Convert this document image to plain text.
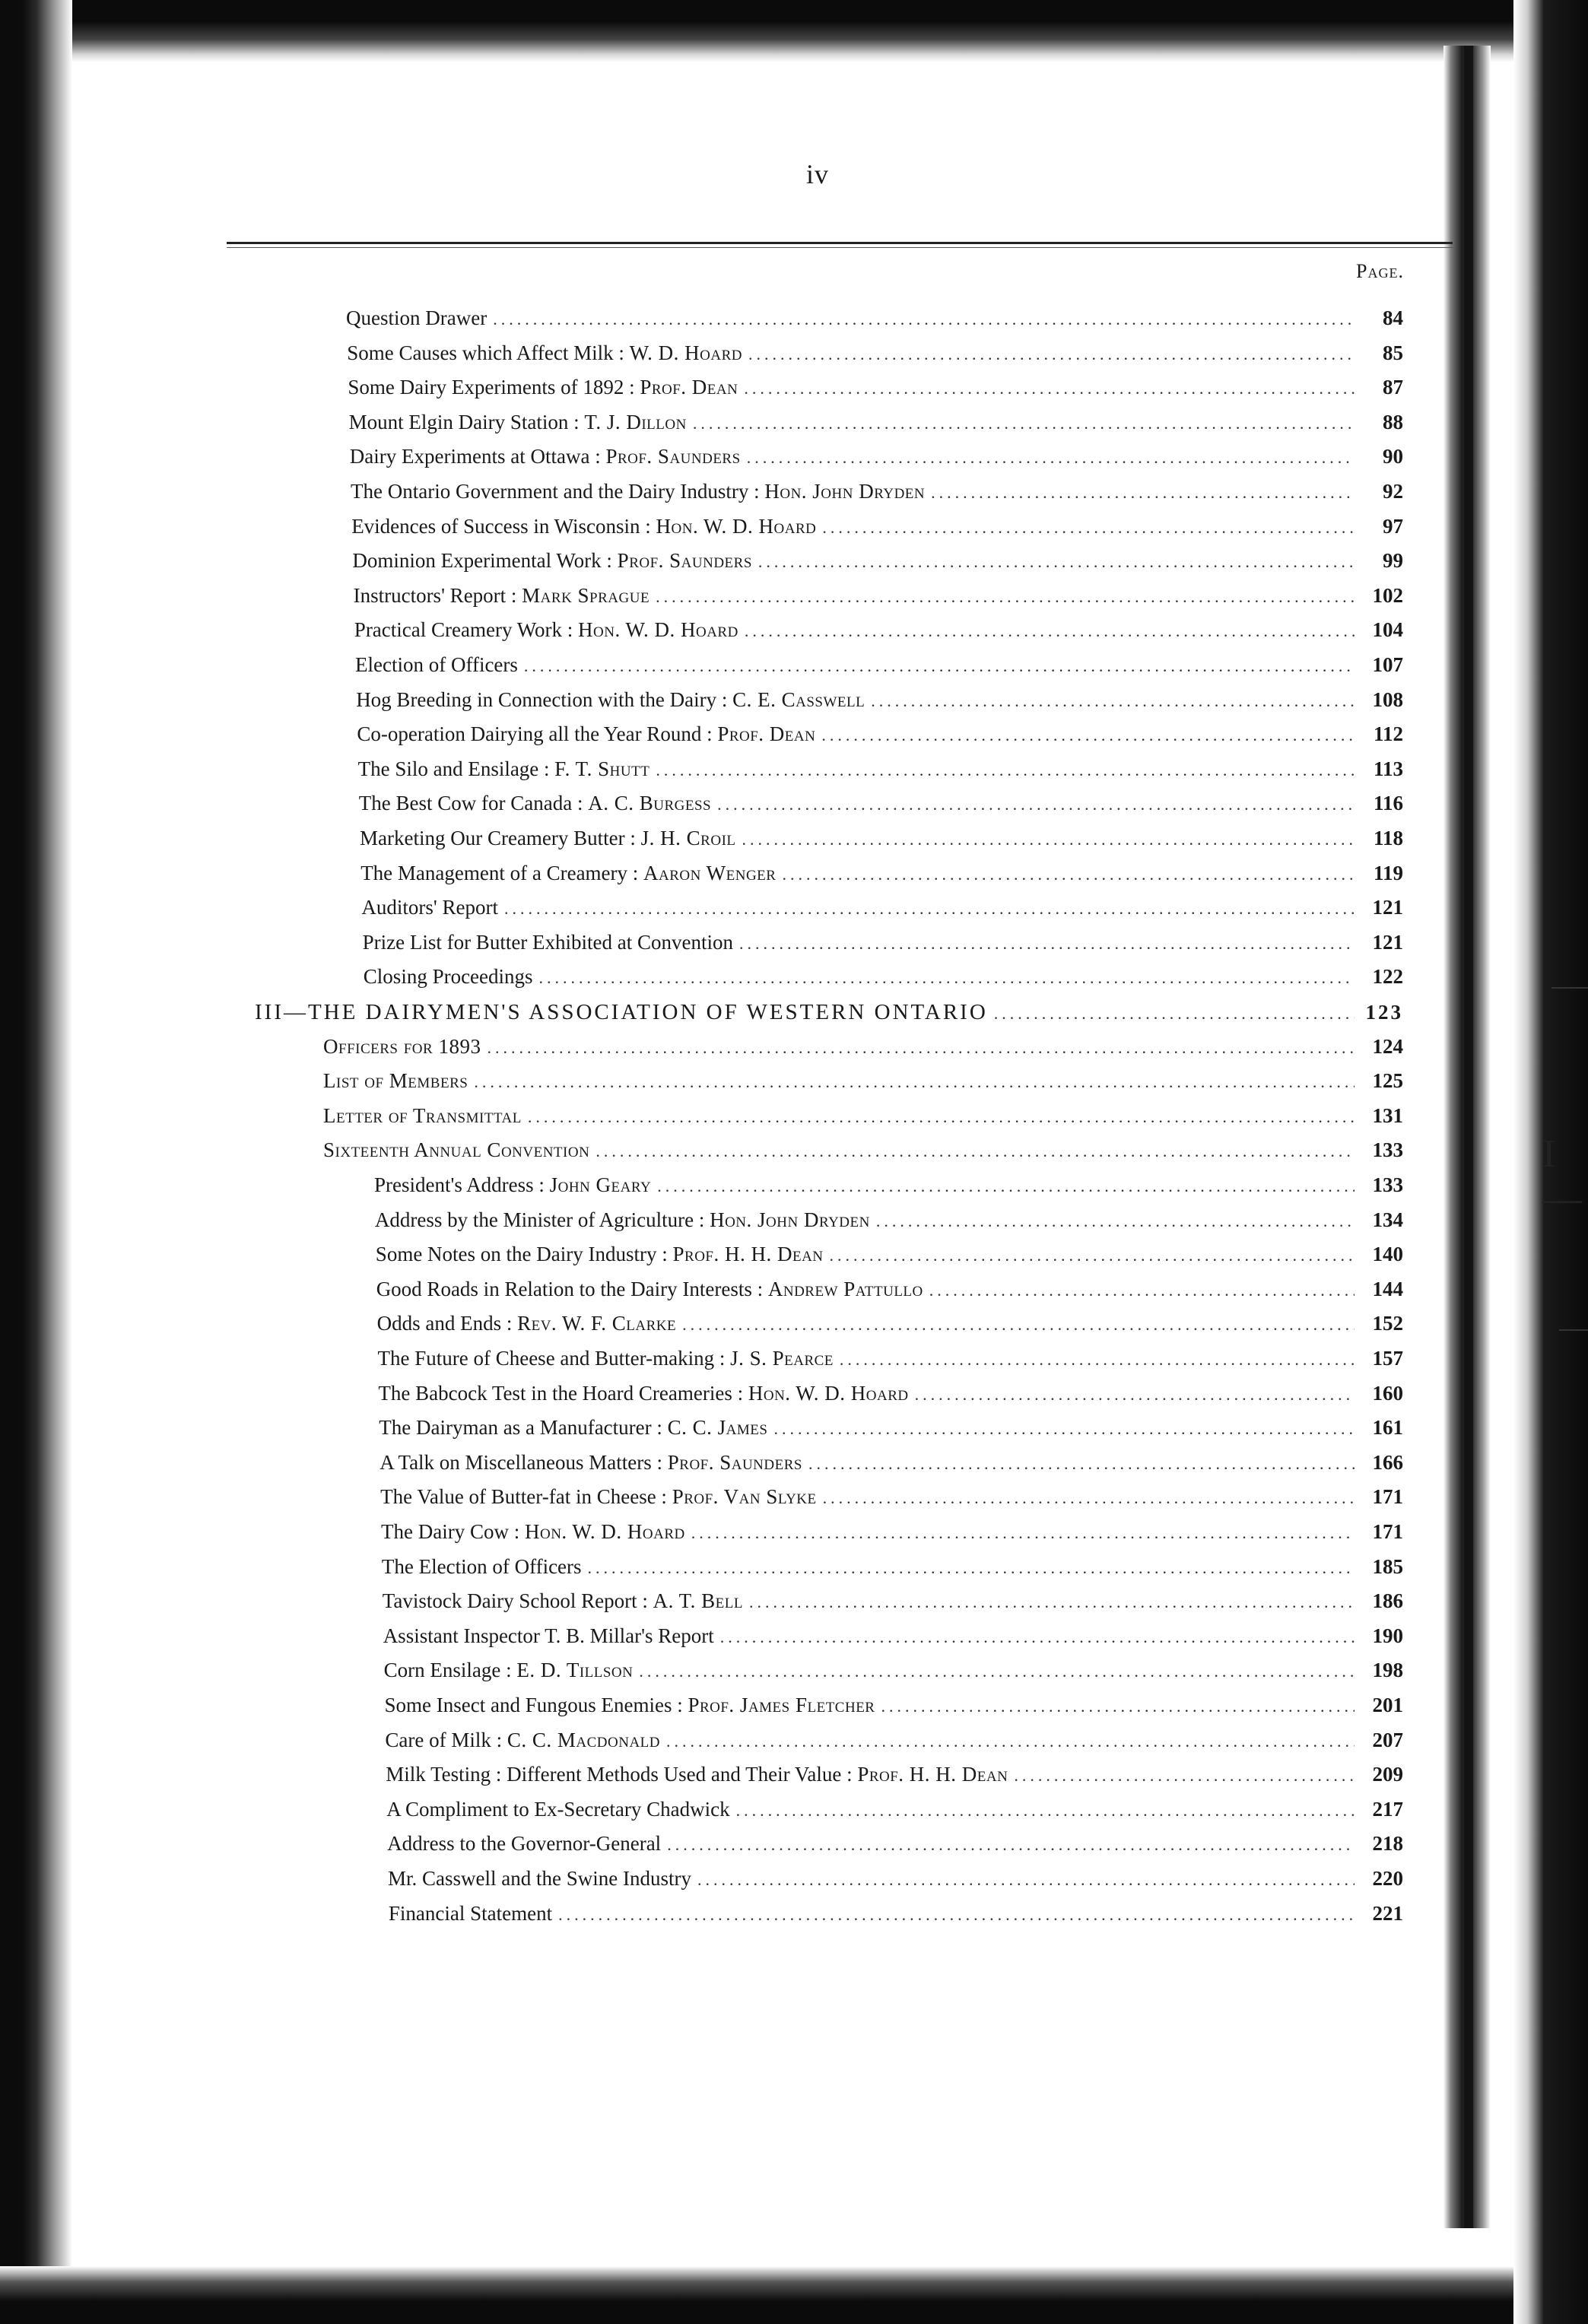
iv
Page.
Question Drawer .....	84
Some Causes which Affect Milk : W. D. Hoard .....	85
Some Dairy Experiments of 1892 : Prof. Dean .....	87
Mount Elgin Dairy Station : T. J. Dillon .....	88
Dairy Experiments at Ottawa : Prof. Saunders .....	90
The Ontario Government and the Dairy Industry : Hon. John Dryden .....	92
Evidences of Success in Wisconsin : Hon. W. D. Hoard .....	97
Dominion Experimental Work : Prof. Saunders .....	99
Instructors' Report : Mark Sprague .....	102
Practical Creamery Work : Hon. W. D. Hoard .....	104
Election of Officers .....	107
Hog Breeding in Connection with the Dairy : C. E. Casswell .....	108
Co-operation Dairying all the Year Round : Prof. Dean .....	112
The Silo and Ensilage : F. T. Shutt .....	113
The Best Cow for Canada : A. C. Burgess .....	116
Marketing Our Creamery Butter : J. H. Croil .....	118
The Management of a Creamery : Aaron Wenger .....	119
Auditors' Report .....	121
Prize List for Butter Exhibited at Convention .....	121
Closing Proceedings .....	122
III—THE DAIRYMEN'S ASSOCIATION OF WESTERN ONTARIO .....	123
Officers for 1893 .....	124
List of Members .....	125
Letter of Transmittal .....	131
Sixteenth Annual Convention .....	133
President's Address : John Geary .....	133
Address by the Minister of Agriculture : Hon. John Dryden .....	134
Some Notes on the Dairy Industry : Prof. H. H. Dean .....	140
Good Roads in Relation to the Dairy Interests : Andrew Pattullo .....	144
Odds and Ends : Rev. W. F. Clarke .....	152
The Future of Cheese and Butter-making : J. S. Pearce .....	157
The Babcock Test in the Hoard Creameries : Hon. W. D. Hoard .....	160
The Dairyman as a Manufacturer : C. C. James .....	161
A Talk on Miscellaneous Matters : Prof. Saunders .....	166
The Value of Butter-fat in Cheese : Prof. Van Slyke .....	171
The Dairy Cow : Hon. W. D. Hoard .....	171
The Election of Officers .....	185
Tavistock Dairy School Report : A. T. Bell .....	186
Assistant Inspector T. B. Millar's Report .....	190
Corn Ensilage : E. D. Tillson .....	198
Some Insect and Fungous Enemies : Prof. James Fletcher .....	201
Care of Milk : C. C. Macdonald .....	207
Milk Testing : Different Methods Used and Their Value : Prof. H. H. Dean .....	209
A Compliment to Ex-Secretary Chadwick .....	217
Address to the Governor-General .....	218
Mr. Casswell and the Swine Industry .....	220
Financial Statement .....	221
I—
